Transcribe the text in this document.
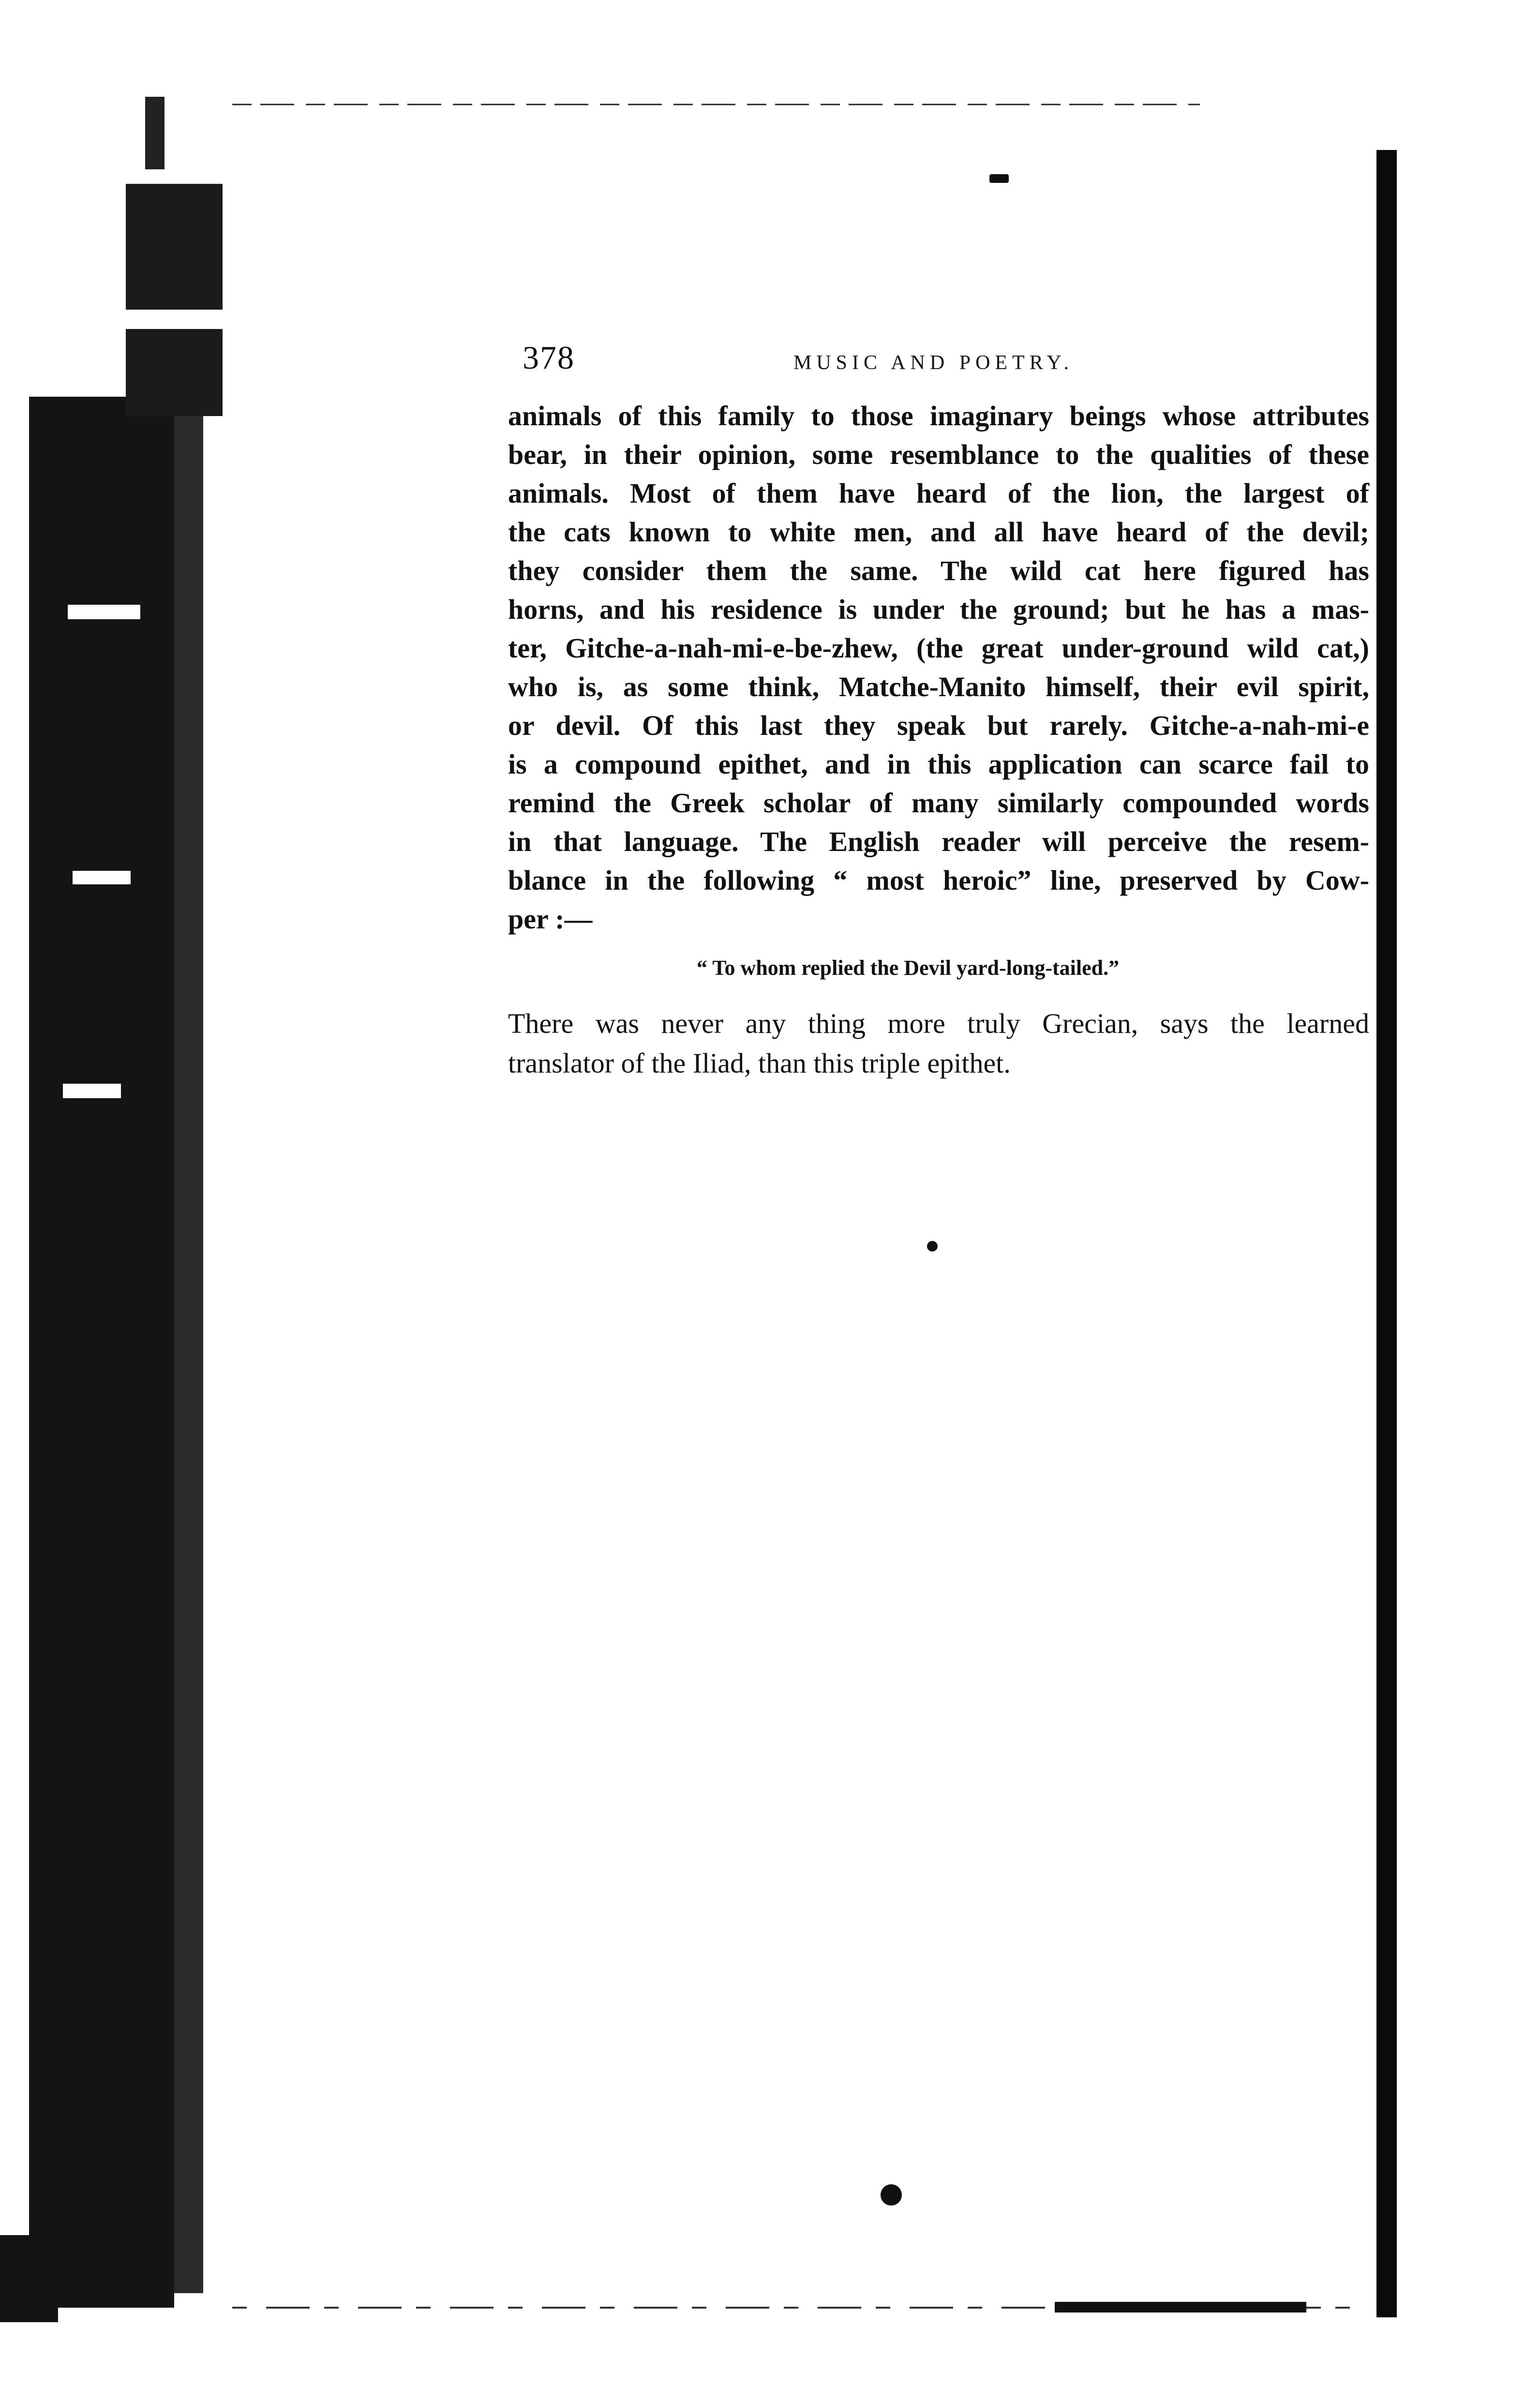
378	MUSIC AND POETRY.
animals of this family to those imaginary beings whose attributes
bear, in their opinion, some resemblance to the qualities of these
animals. Most of them have heard of the lion, the largest of
the cats known to white men, and all have heard of the devil;
they consider them the same. The wild cat here figured has
horns, and his residence is under the ground; but he has a mas-
ter, Gitche-a-nah-mi-e-be-zhew, (the great under-ground wild cat,)
who is, as some think, Matche-Manito himself, their evil spirit,
or devil. Of this last they speak but rarely. Gitche-a-nah-mi-e
is a compound epithet, and in this application can scarce fail to
remind the Greek scholar of many similarly compounded words
in that language. The English reader will perceive the resem-
blance in the following “ most heroic” line, preserved by Cow-
per :—
“ To whom replied the Devil yard-long-tailed.”
There was never any thing more truly Grecian, says the learned
translator of the Iliad, than this triple epithet.
